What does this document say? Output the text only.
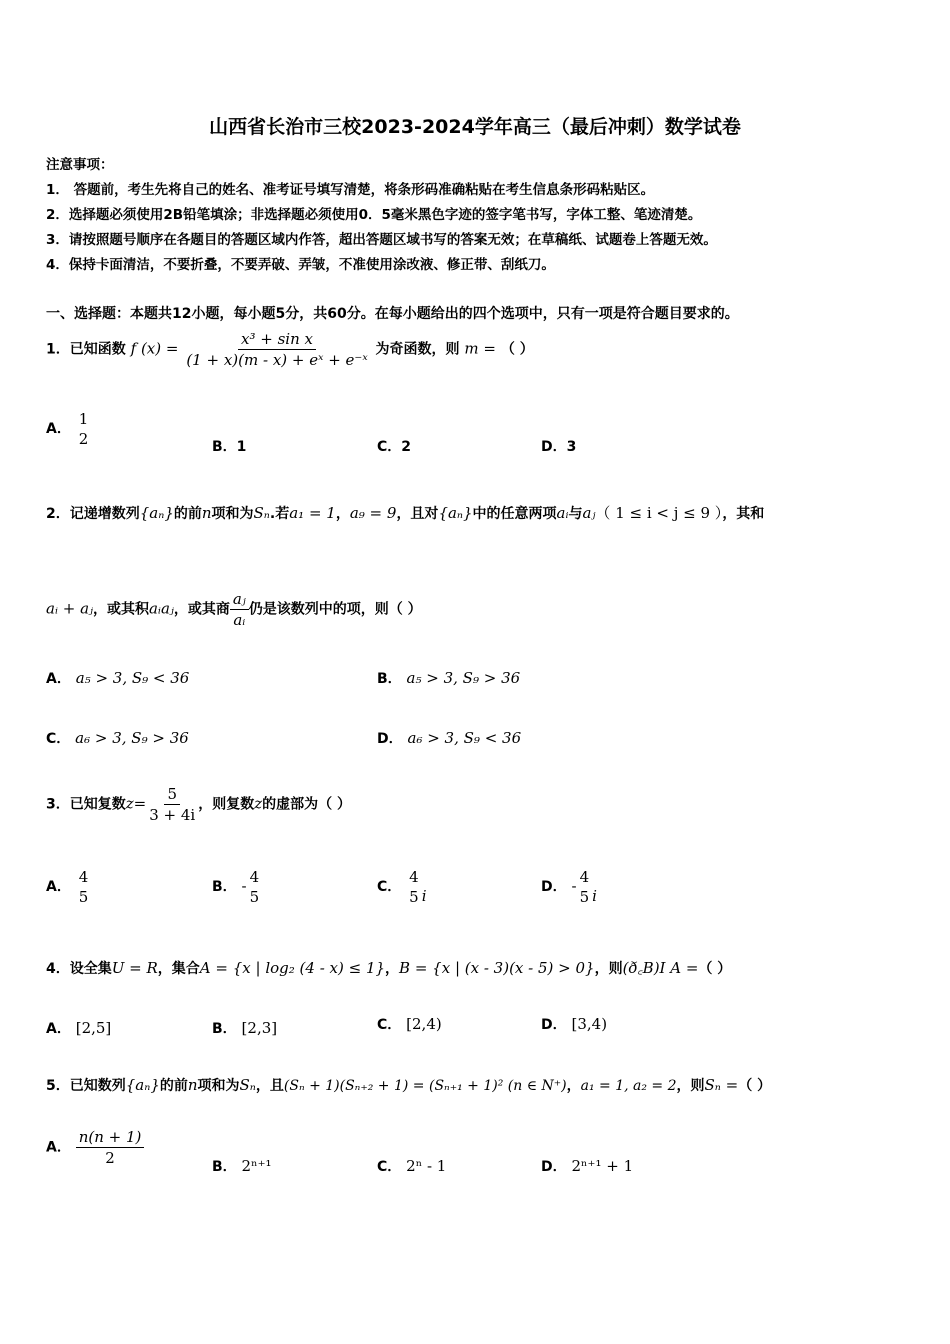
山西省长治市三校2023-2024学年高三（最后冲刺）数学试卷
注意事项：
1． 答题前，考生先将自己的姓名、准考证号填写清楚，将条形码准确粘贴在考生信息条形码粘贴区。
2．选择题必须使用2B铅笔填涂；非选择题必须使用0．5毫米黑色字迹的签字笔书写，字体工整、笔迹清楚。
3．请按照题号顺序在各题目的答题区域内作答，超出答题区域书写的答案无效；在草稿纸、试题卷上答题无效。
4．保持卡面清洁，不要折叠，不要弄破、弄皱，不准使用涂改液、修正带、刮纸刀。
一、选择题：本题共12小题，每小题5分，共60分。在每小题给出的四个选项中，只有一项是符合题目要求的。
1．已知函数 f $(x) = \frac{\text{x³ + sin x}}{\text{(1 + x)(m - x) + eˣ + e⁻ˣ}}$ 为奇函数，则 m = （ ）
A．
1
2	B．1	C．2	D．3
2．记递增数列{aₙ}的前n项和为Sₙ.若a₁ = 1，a₉ = 9，且对{aₙ}中的任意两项aᵢ与aⱼ（ 1 ≤ i < j ≤ 9 ），其和
aᵢ + aⱼ，或其积aᵢaⱼ，或其商 $\frac{\text{aⱼ}}{\text{aᵢ}}$ 仍是该数列中的项，则（ ）
A． a₅ > 3, S₉ < 36	B． a₅ > 3, S₉ > 36
C． a₆ > 3, S₉ > 36	D． a₆ > 3, S₉ < 36
3．已知复数$z= \frac{5}{3 + 4i}$ ，则复数z的虚部为（ ）
A．
4
5
B． - 4
5
C．
4
5 i	D． - 4
5 i
4．设全集U = R，集合A = {x | log₂ (4 - x) ≤ 1}，B = {x | (x - 3)(x - 5) > 0}，则(ð꜀B)I A =（ ）
A． [2,5]	B． [2,3]	C． [2,4)	D． [3,4)
5．已知数列{aₙ}的前n项和为Sₙ，且(Sₙ + 1)(Sₙ₊₂ + 1) = (Sₙ₊₁ + 1)² (n ∈ N⁺)，a₁ = 1, a₂ = 2，则Sₙ =（ ）
A． $\frac{n(n + 1)}{2}$	B． 2ⁿ⁺¹	C． 2ⁿ - 1	D． 2ⁿ⁺¹ + 1
